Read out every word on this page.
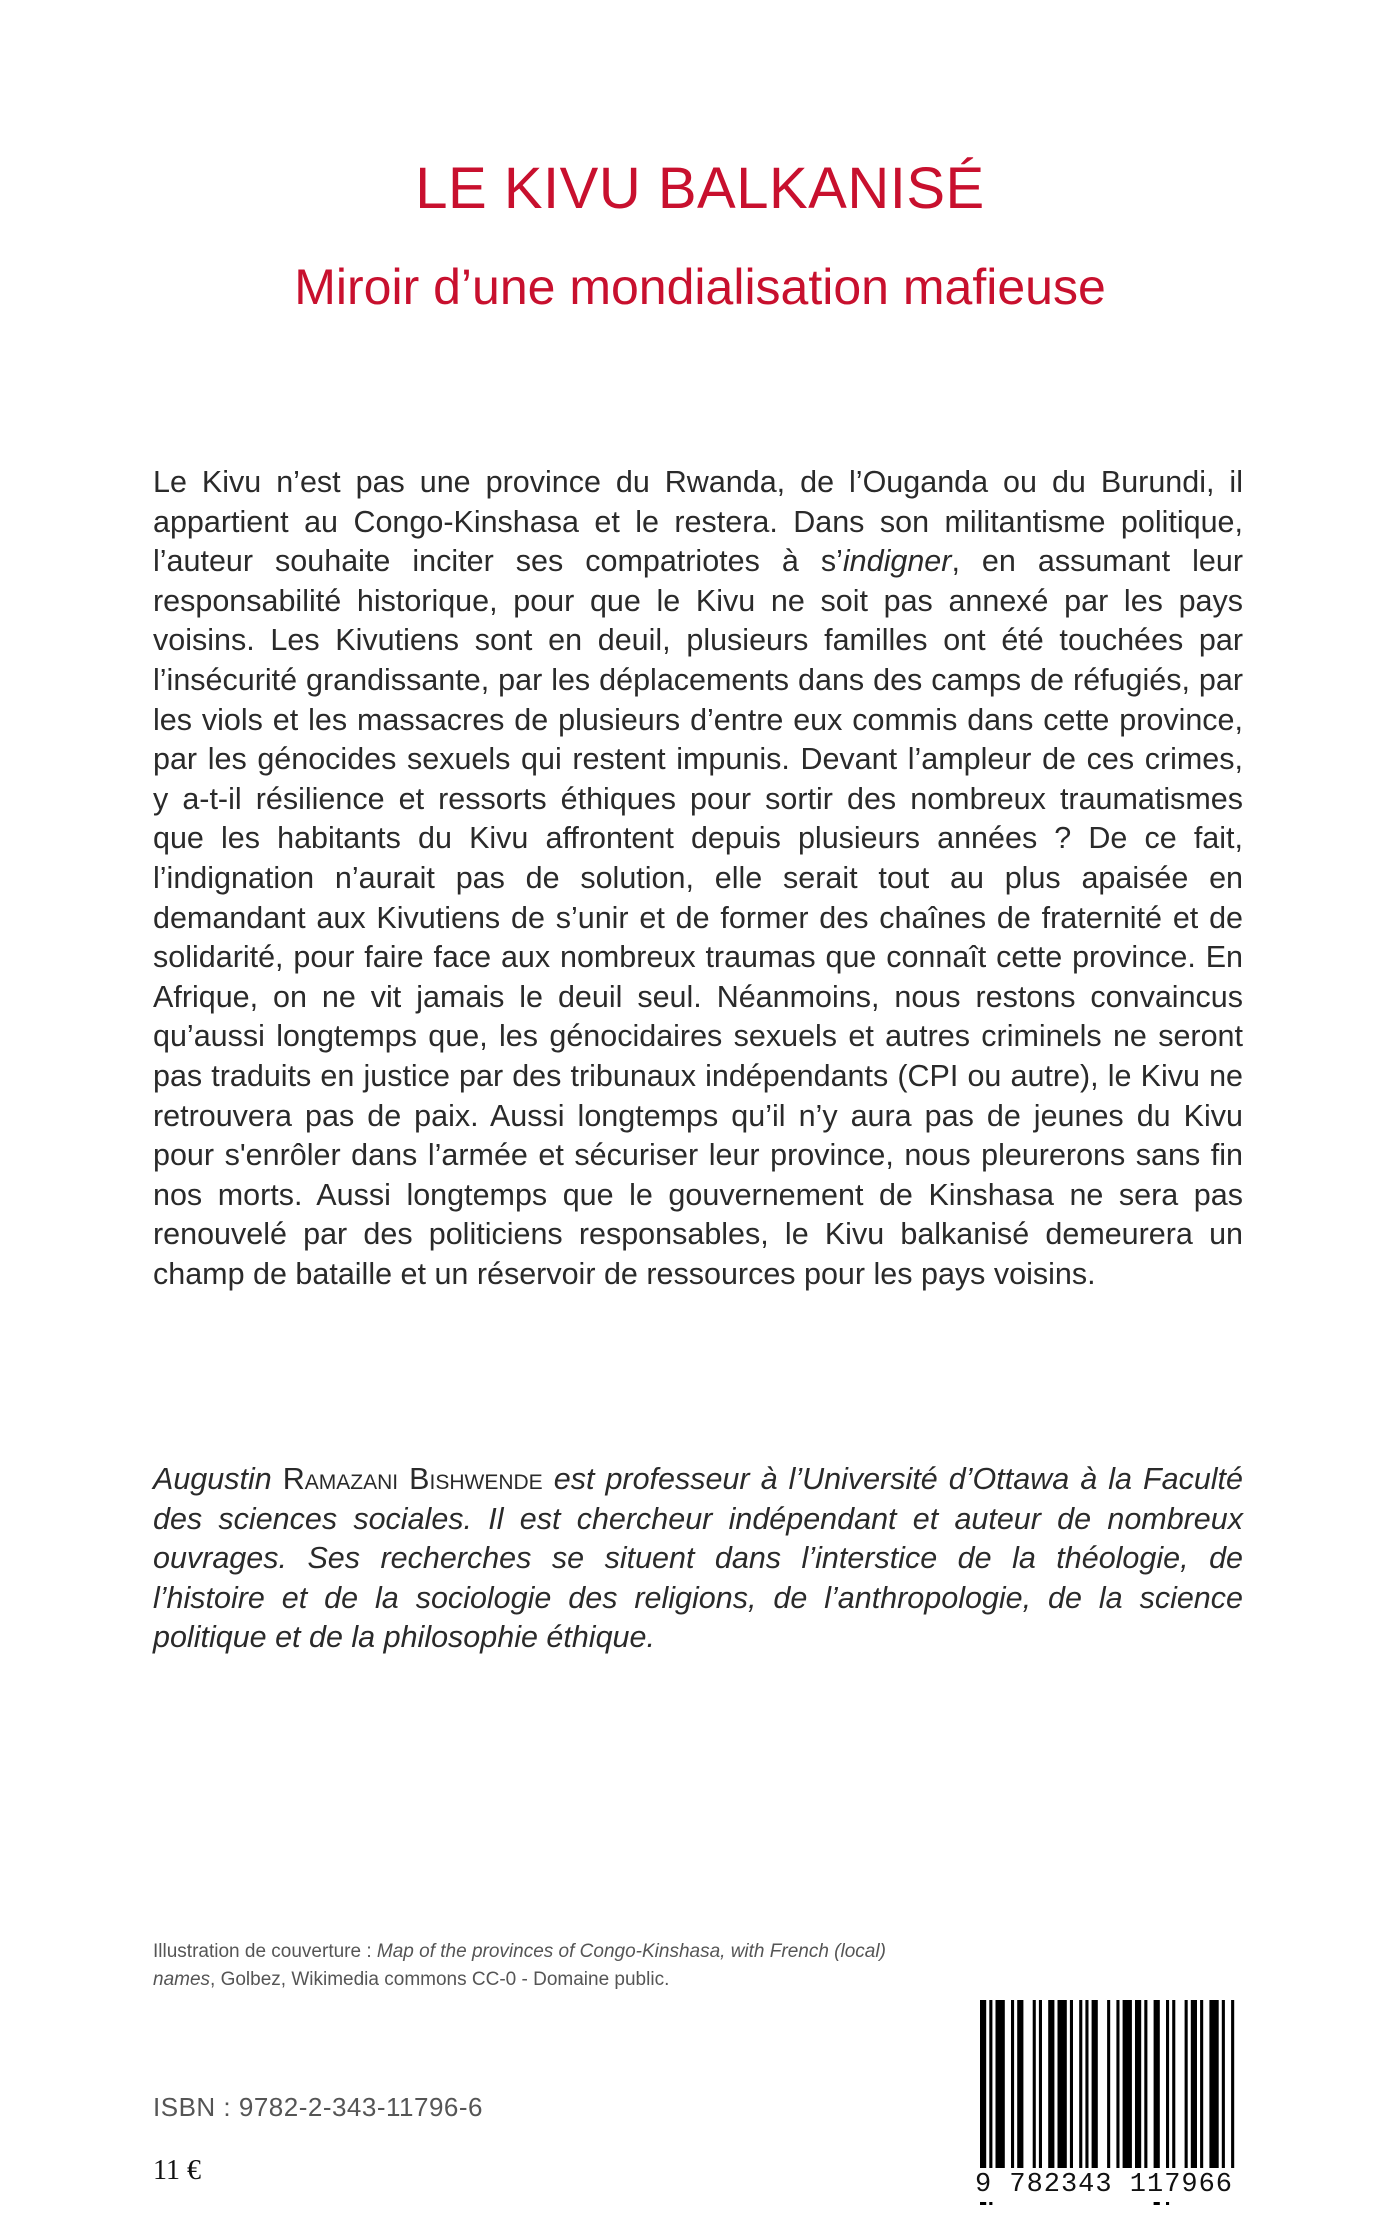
LE KIVU BALKANISÉ
Miroir d’une mondialisation mafieuse

Le Kivu n’est pas une province du Rwanda, de l’Ouganda ou du Burundi, il appartient au Congo-Kinshasa et le restera. Dans son militantisme politique, l’auteur souhaite inciter ses compatriotes à s’indigner, en assumant leur responsabilité historique, pour que le Kivu ne soit pas annexé par les pays voisins. Les Kivutiens sont en deuil, plusieurs familles ont été touchées par l’insécurité grandissante, par les déplacements dans des camps de réfugiés, par les viols et les massacres de plusieurs d’entre eux commis dans cette province, par les génocides sexuels qui restent impunis. Devant l’ampleur de ces crimes, y a-t-il résilience et ressorts éthiques pour sortir des nombreux traumatismes que les habitants du Kivu affrontent depuis plusieurs années ? De ce fait, l’indignation n’aurait pas de solution, elle serait tout au plus apaisée en demandant aux Kivutiens de s’unir et de former des chaînes de fraternité et de solidarité, pour faire face aux nombreux traumas que connaît cette province. En Afrique, on ne vit jamais le deuil seul. Néanmoins, nous restons convaincus qu’aussi longtemps que, les génocidaires sexuels et autres criminels ne seront pas traduits en justice par des tribunaux indépendants (CPI ou autre), le Kivu ne retrouvera pas de paix. Aussi longtemps qu’il n’y aura pas de jeunes du Kivu pour s'enrôler dans l’armée et sécuriser leur province, nous pleurerons sans fin nos morts. Aussi longtemps que le gouvernement de Kinshasa ne sera pas renouvelé par des politiciens responsables, le Kivu balkanisé demeurera un champ de bataille et un réservoir de ressources pour les pays voisins.

Augustin Ramazani Bishwende est professeur à l’Université d’Ottawa à la Faculté des sciences sociales. Il est chercheur indépendant et auteur de nombreux ouvrages. Ses recherches se situent dans l’interstice de la théologie, de l’histoire et de la sociologie des religions, de l’anthropologie, de la science politique et de la philosophie éthique.

Illustration de couverture : Map of the provinces of Congo-Kinshasa, with French (local) names, Golbez, Wikimedia commons CC-0 - Domaine public.

ISBN : 9782-2-343-11796-6
11 €	9 782343 117966
